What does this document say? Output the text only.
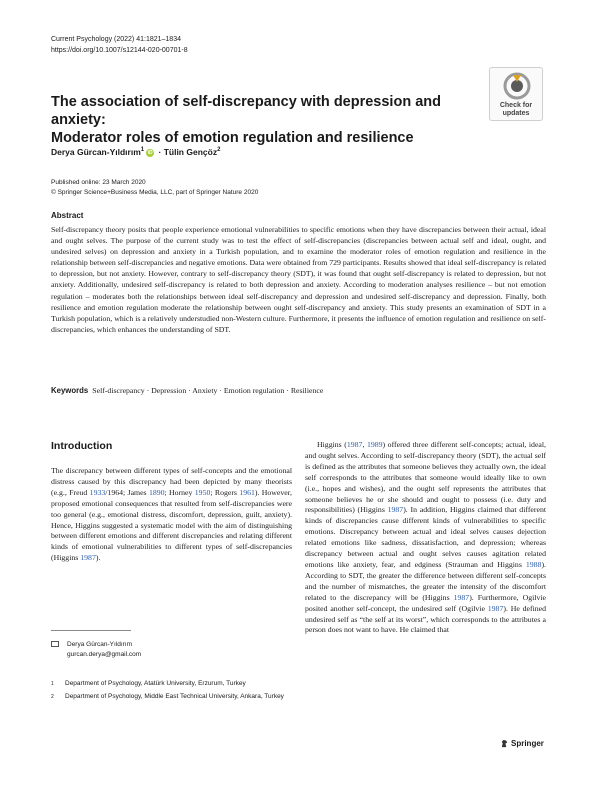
Current Psychology (2022) 41:1821–1834
https://doi.org/10.1007/s12144-020-00701-8
Check for
updates
The association of self-discrepancy with depression and anxiety:
Moderator roles of emotion regulation and resilience
Derya Gürcan-Yıldırım$^1$ iD · Tülin Gençöz$^2$
Published online: 23 March 2020
© Springer Science+Business Media, LLC, part of Springer Nature 2020
Abstract
Self-discrepancy theory posits that people experience emotional vulnerabilities to specific emotions when they have discrepancies between their actual, ideal and ought selves. The purpose of the current study was to test the effect of self-discrepancies (discrepancies between actual self and ideal, ought, and undesired selves) on depression and anxiety in a Turkish population, and to examine the moderator roles of emotion regulation and resilience in the relationship between self-discrepancies and negative emotions. Data were obtained from 729 participants. Results showed that ideal self-discrepancy is related to depression, but not anxiety. However, contrary to self-discrepancy theory (SDT), it was found that ought self-discrepancy is related to depression, but not anxiety. Additionally, undesired self-discrepancy is related to both depression and anxiety. According to moderation analyses resilience – but not emotion regulation – moderates both the relationships between ideal self-discrepancy and depression and undesired self-discrepancy and depression. Finally, both resilience and emotion regulation moderate the relationship between ought self-discrepancy and anxiety. This study presents an examination of SDT in a Turkish population, which is a relatively understudied non-Western culture. Furthermore, it presents the influence of emotion regulation and resilience on self-discrepancies, which enhances the understanding of SDT.
Keywords Self-discrepancy · Depression · Anxiety · Emotion regulation · Resilience
Introduction
The discrepancy between different types of self-concepts and the emotional distress caused by this discrepancy had been depicted by many theorists (e.g., Freud 1933/1964; James 1890; Horney 1950; Rogers 1961). However, proposed emotional consequences that resulted from self-discrepancies were too general (e.g., emotional distress, discomfort, depression, guilt, anxiety). Hence, Higgins suggested a systematic model with the aim of distinguishing between different emotions and different discrepancies and relating different kinds of emotional vulnerabilities to different types of self-discrepancies (Higgins 1987).
Higgins (1987, 1989) offered three different self-concepts; actual, ideal, and ought selves. According to self-discrepancy theory (SDT), the actual self is defined as the attributes that someone believes they actually own, the ideal self corresponds to the attributes that someone would ideally like to own (i.e., hopes and wishes), and the ought self represents the attributes that someone believes he or she should and ought to possess (i.e. duty and responsibilities) (Higgins 1987). In addition, Higgins claimed that different kinds of discrepancies cause different kinds of vulnerabilities to specific emotions. Discrepancy between actual and ideal selves causes dejection related emotions like sadness, dissatisfaction, and depression; whereas discrepancy between actual and ought selves causes agitation related emotions like anxiety, fear, and edginess (Strauman and Higgins 1988). According to SDT, the greater the difference between different self-concepts and the number of mismatches, the greater the intensity of the discomfort related to the discrepancy will be (Higgins 1987). Furthermore, Ogilvie posited another self-concept, the undesired self (Ogilvie 1987). He defined undesired self as “the self at its worst”, which corresponds to the attributes a person does not want to have. He claimed that
Derya Gürcan-Yıldırım
gurcan.derya@gmail.com
1	Department of Psychology, Atatürk University, Erzurum, Turkey
2	Department of Psychology, Middle East Technical University, Ankara, Turkey
Springer
